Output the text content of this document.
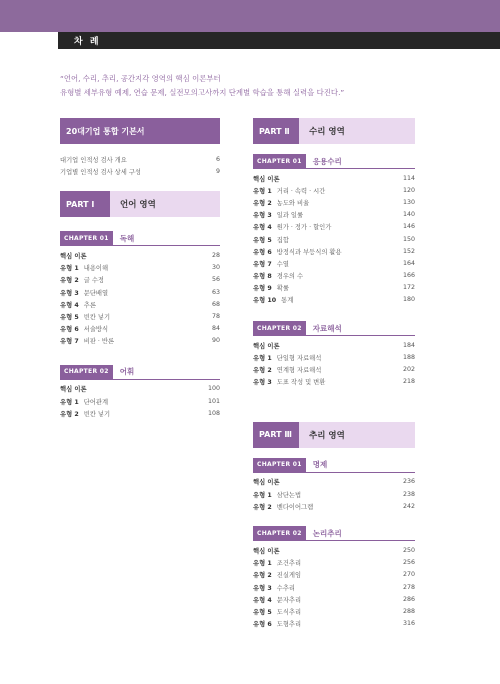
차 례
“언어, 수리, 추리, 공간지각 영역의 핵심 이론부터
유형별 세부유형 예제, 연습 문제, 실전모의고사까지 단계별 학습을 통해 실력을 다진다.”
20대기업 통합 기본서
대기업 인적성 검사 개요	6
기업별 인적성 검사 상세 구성	9
PART Ⅰ	언어 영역
CHAPTER 01	독해
핵심 이론	28
유형 1 내용이해	30
유형 2 글 수정	56
유형 3 문단배열	63
유형 4 추론	68
유형 5 빈칸 넣기	78
유형 6 서술방식	84
유형 7 비판 · 반론	90
CHAPTER 02	어휘
핵심 이론	100
유형 1 단어관계	101
유형 2 빈칸 넣기	108
PART Ⅱ	수리 영역
CHAPTER 01	응용수리
핵심 이론	114
유형 1 거리 · 속력 · 시간	120
유형 2 농도와 비율	130
유형 3 일과 일률	140
유형 4 원가 · 정가 · 할인가	146
유형 5 집합	150
유형 6 방정식과 부등식의 활용	152
유형 7 수열	164
유형 8 경우의 수	166
유형 9 확률	172
유형 10 통계	180
CHAPTER 02	자료해석
핵심 이론	184
유형 1 단일형 자료해석	188
유형 2 연계형 자료해석	202
유형 3 도표 작성 및 변환	218
PART Ⅲ	추리 영역
CHAPTER 01	명제
핵심 이론	236
유형 1 삼단논법	238
유형 2 벤다이어그램	242
CHAPTER 02	논리추리
핵심 이론	250
유형 1 조건추리	256
유형 2 진실게임	270
유형 3 수추리	278
유형 4 문자추리	286
유형 5 도식추리	288
유형 6 도형추리	316
